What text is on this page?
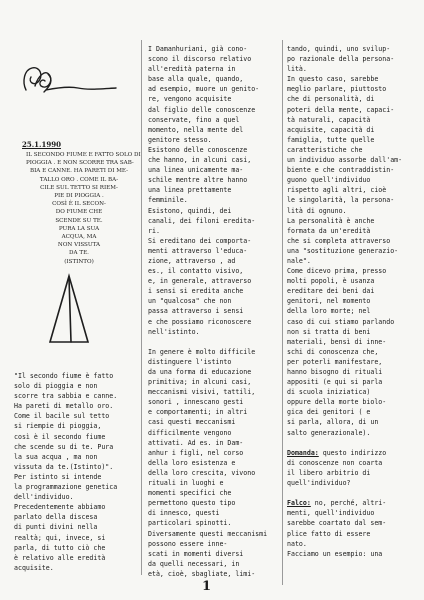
25.1.1990
IL SECONDO FIUME E FATTO SOLO DI
PIOGGIA . E NON SCORRE TRA SAB-
BIA E CANNE. HA PARETI DI ME-
TALLO ORO . COME IL BA-
CILE SUL TETTO SI RIEM-
PIE DI PIOGGIA .
COSÌ È IL SECON-
DO FIUME CHE
SCENDE SU TE.
PURA LA SUA
ACQUA, MA
NON VISSUTA
DA TE.
(ISTINTO)

"Il secondo fiume è fatto

solo di pioggia e non

scorre tra sabbia e canne.

Ha pareti di metallo oro.

Come il bacile sul tetto

si riempie di pioggia,

così è il secondo fiume

che scende su di te. Pura

la sua acqua , ma non

vissuta da te.(Istinto)".

Per istinto si intende

la programmazione genetica

dell'individuo.

Precedentemente abbiamo

parlato della discesa

di punti divini nella

realtà; qui, invece, si

parla, di tutto ciò che

è relativo alle eredità

acquisite.

I Damanhuriani, già cono-

scono il discorso relativo

all'eredità paterna in

base alla quale, quando,

ad esempio, muore un genito-

re, vengono acquisite

dal figlio delle conoscenze

conservate, fino a quel

momento, nella mente del

genitore stesso.

Esistono delle conoscenze

che hanno, in alcuni casi,

una linea unicamente ma-

schile mentre altre hanno

una linea prettamente

femminile.

Esistono, quindi, dei

canali, dei filoni eredita-

ri.

Si ereditano dei comporta-

menti attraverso l'educa-

zione, attraverso , ad

es., il contatto visivo,

e, in generale, attraverso

i sensi si eredita anche

un "qualcosa" che non

passa attraverso i sensi

e che possiamo riconoscere

nell'istinto.

In genere è molto difficile

distinguere l'istinto

da una forma di educazione

primitiva; in alcuni casi,

meccanismi visivi, tattili,

sonori , innescano gesti

e comportamenti; in altri

casi questi meccanismi

difficilmente vengono

attivati. Ad es. in Dam-

anhur i figli, nel corso

della loro esistenza e

della loro crescita, vivono

rituali in luoghi e

momenti specifici che

permettono questo tipo

di innesco, questi

particolari spinotti.

Diversamente questi meccanismi

possono essere inne-

scati in momenti diversi

da quelli necessari, in

età, cioè, sbagliate, limi-

tando, quindi, uno svilup-

po razionale della persona-

lità.

In questo caso, sarebbe

meglio parlare, piuttosto

che di personalità, di

poteri della mente, capaci-

tà naturali, capacità

acquisite, capacità di

famiglia, tutte quelle

caratteristiche che

un individuo assorbe dall'am-

biente e che contraddistin-

guono quell'individuo

rispetto agli altri, cioè

le singolarità, la persona-

lità di ognuno.

La personalità è anche

formata da un'eredità

che si completa attraverso

una "sostituzione generazio-

nale".

Come dicevo prima, presso

molti popoli, è usanza

ereditare dei beni dai

genitori, nel momento

della loro morte; nel

caso di cui stiamo parlando

non si tratta di beni

materiali, bensì di inne-

schi di conoscenza che,

per poterli manifestare,

hanno bisogno di rituali

appositi (e qui si parla

di scuola iniziatica)

oppure della morte biolo-

gica dei genitori ( e

si parla, allora, di un

salto generazionale).

Domanda: questo indirizzo

di conoscenze non coarta

il libero arbitrio di

quell'individuo?

Falco: no, perché, altri-

menti, quell'individuo

sarebbe coartato dal sem-

plice fatto di essere

nato.

Facciamo un esempio: una

1
